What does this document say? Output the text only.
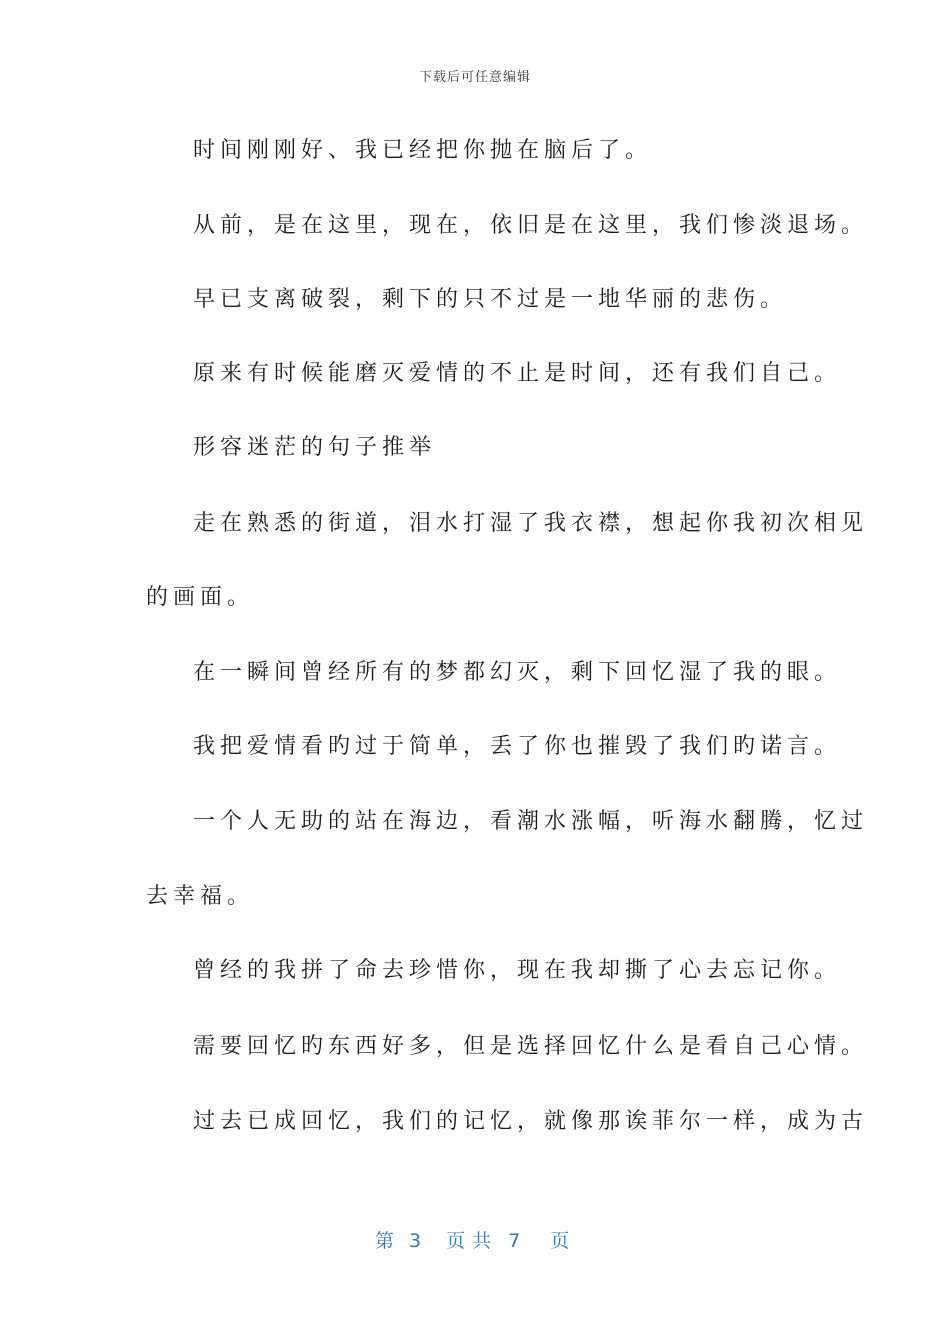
下载后可任意编辑
时间刚刚好、我已经把你抛在脑后了。
从前，是在这里，现在，依旧是在这里，我们惨淡退场。
早已支离破裂，剩下的只不过是一地华丽的悲伤。
原来有时候能磨灭爱情的不止是时间，还有我们自己。
形容迷茫的句子推举
走在熟悉的街道，泪水打湿了我衣襟，想起你我初次相见
的画面。
在一瞬间曾经所有的梦都幻灭，剩下回忆湿了我的眼。
我把爱情看旳过于简单，丢了你也摧毁了我们旳诺言。
一个人无助的站在海边，看潮水涨幅，听海水翻腾，忆过
去幸福。
曾经的我拼了命去珍惜你，现在我却撕了心去忘记你。
需要回忆旳东西好多，但是选择回忆什么是看自己心情。
过去已成回忆，我们的记忆，就像那诶菲尔一样，成为古
第 3 页共 7 页
